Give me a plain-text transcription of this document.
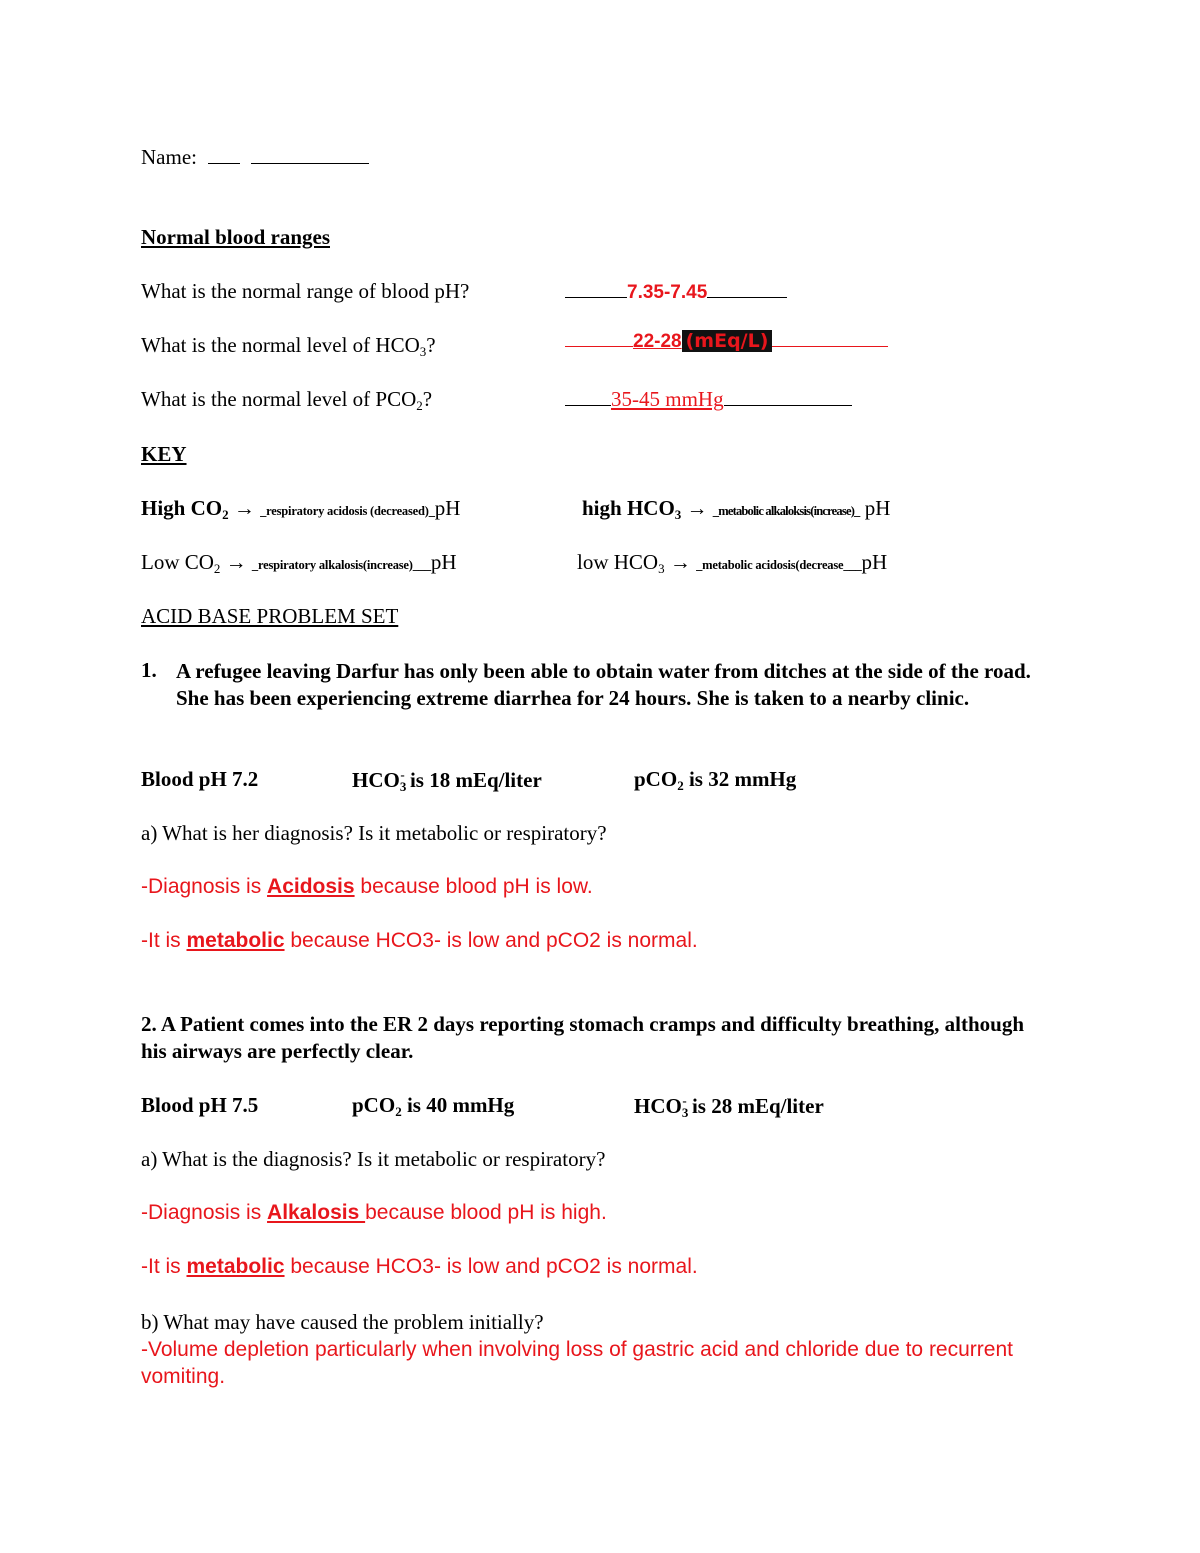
Name:
Normal blood ranges
What is the normal range of blood pH?	7.35-7.45
What is the normal level of $HCO_3$?	22-28 (mEq/L)
What is the normal level of $PCO_2$?	35-45 mmHg
KEY
High $CO_2$ → _respiratory acidosis (decreased)_pH	high $HCO_3$ → _metabolic alkaloksis(increase)_ pH
Low $CO_2$ → _respiratory alkalosis(increase)___pH	low $HCO_3$ → _metabolic acidosis(decrease___pH
ACID BASE PROBLEM SET
1. A refugee leaving Darfur has only been able to obtain water from ditches at the side of the road. She has been experiencing extreme diarrhea for 24 hours. She is taken to a nearby clinic.
Blood pH 7.2	$HCO_3^-$ is 18 mEq/liter	pCO$_2$ is 32 mmHg
a) What is her diagnosis? Is it metabolic or respiratory?
-Diagnosis is Acidosis because blood pH is low.
-It is metabolic because HCO3- is low and pCO2 is normal.
2. A Patient comes into the ER 2 days reporting stomach cramps and difficulty breathing, although his airways are perfectly clear.
Blood pH 7.5	pCO$_2$ is 40 mmHg	$HCO_3^-$ is 28 mEq/liter
a) What is the diagnosis? Is it metabolic or respiratory?
-Diagnosis is Alkalosis because blood pH is high.
-It is metabolic because HCO3- is low and pCO2 is normal.
b) What may have caused the problem initially?
-Volume depletion particularly when involving loss of gastric acid and chloride due to recurrent vomiting.
